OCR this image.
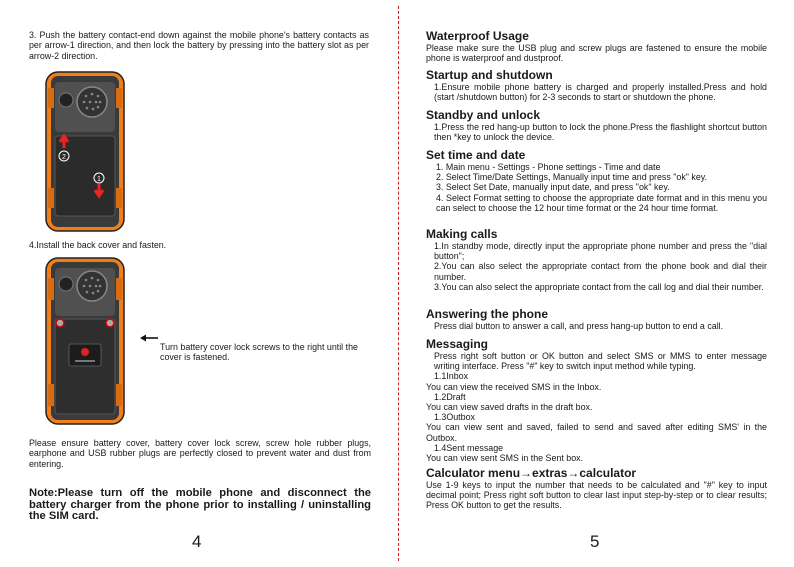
3. Push the battery contact-end down against the mobile phone's battery contacts as per arrow-1 direction, and then lock the battery by pressing into the battery slot as per arrow-2 direction.

2
1

4.Install the back cover and fasten.

Turn battery cover lock screws to the right until the cover is fastened.

Please ensure battery cover, battery cover lock screw, screw hole rubber plugs, earphone and USB rubber plugs are perfectly closed to prevent water and dust from entering.

Note:Please turn off the mobile phone and disconnect the battery charger from the phone prior to installing / uninstalling the SIM card.

4

Waterproof Usage

Please make sure the USB plug and screw plugs are fastened to ensure the mobile phone is waterproof and dustproof.

Startup and shutdown

1.Ensure mobile phone battery is charged and properly installed.Press and hold (start /shutdown button) for 2-3 seconds to start or shutdown the phone.

Standby and unlock

1.Press the red hang-up button to lock the phone.Press the flashlight shortcut button then *key to unlock the device.

Set time and date

1. Main menu - Settings - Phone settings - Time and date
2. Select Time/Date Settings, Manually input time and press "ok" key.
3. Select Set Date, manually input date, and press "ok" key.
4. Select Format setting to choose the appropriate date format and in this menu you can select to choose the 12 hour time format or the 24 hour time format.

Making calls

1.In standby mode, directly input the appropriate phone number and press the "dial button";
2.You can also select the appropriate contact from the phone book and dial their number.
3.You can also select the appropriate contact from the call log and dial their number.

Answering the phone

Press dial button to answer a call, and press hang-up button to end a call.

Messaging

Press right soft button or OK button and select SMS or MMS to enter message writing interface. Press "#" key to switch input method while typing.
1.1Inbox
You can view the received SMS in the Inbox.
1.2Draft
You can view saved drafts in the draft box.
1.3Outbox
You can view sent and saved, failed to send and saved after editing SMS' in the Outbox.
1.4Sent message
You can view sent SMS in the Sent box.

Calculator menu→extras→calculator

Use 1-9 keys to input the number that needs to be calculated and "#" key to input decimal point; Press right soft button to clear last input step-by-step or to clear results; Press OK button to get the results.
5
